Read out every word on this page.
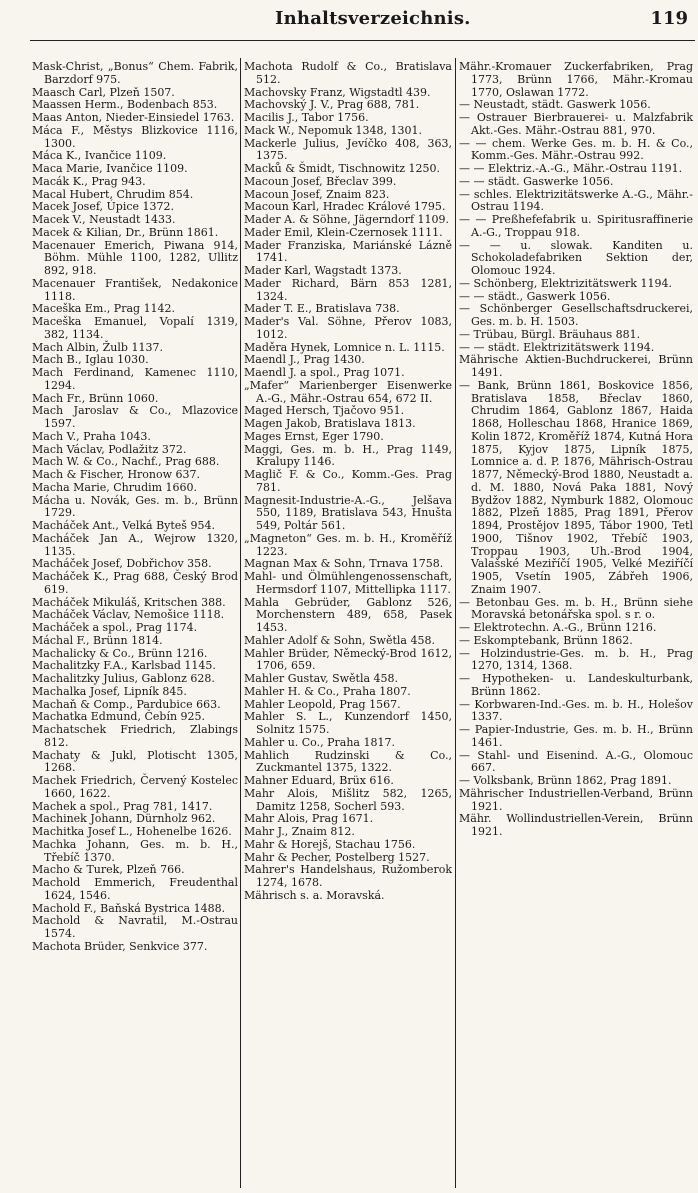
Inhaltsverzeichnis.	119
Mask-Christ, „Bonus“ Chem. Fabrik, Barzdorf 975.
Maasch Carl, Plzeň 1507.
Maassen Herm., Bodenbach 853.
Maas Anton, Nieder-Einsiedel 1763.
Máca F., Městys Blizkovice 1116, 1300.
Máca K., Ivančice 1109.
Maca Marie, Ivančice 1109.
Macák K., Prag 943.
Macal Hubert, Chrudim 854.
Macek Josef, Úpice 1372.
Macek V., Neustadt 1433.
Macek & Kilian, Dr., Brünn 1861.
Macenauer Emerich, Piwana 914, Böhm. Mühle 1100, 1282, Ullitz 892, 918.
Macenauer František, Nedakonice 1118.
Maceška Em., Prag 1142.
Maceška Emanuel, Vopalí 1319, 382, 1134.
Mach Albin, Žulb 1137.
Mach B., Iglau 1030.
Mach Ferdinand, Kamenec 1110, 1294.
Mach Fr., Brünn 1060.
Mach Jaroslav & Co., Mlazovice 1597.
Mach V., Praha 1043.
Mach Václav, Podlažitz 372.
Mach W. & Co., Nachf., Prag 688.
Mach & Fischer, Hronow 637.
Macha Marie, Chrudim 1660.
Mácha u. Novák, Ges. m. b., Brünn 1729.
Macháček Ant., Velká Byteš 954.
Macháček Jan A., Wejrow 1320, 1135.
Macháček Josef, Dobřichov 358.
Macháček K., Prag 688, Český Brod 619.
Macháček Mikuláš, Kritschen 388.
Macháček Václav, Nemošice 1118.
Macháček a spol., Prag 1174.
Máchal F., Brünn 1814.
Machalicky & Co., Brünn 1216.
Machalitzky F.A., Karlsbad 1145.
Machalitzky Julius, Gablonz 628.
Machalka Josef, Lipník 845.
Machaň & Comp., Pardubice 663.
Machatka Edmund, Čebín 925.
Machatschek Friedrich, Zlabings 812.
Machaty & Jukl, Plotischt 1305, 1268.
Machek Friedrich, Červený Kostelec 1660, 1622.
Machek a spol., Prag 781, 1417.
Machinek Johann, Dürnholz 962.
Machitka Josef L., Hohenelbe 1626.
Machka Johann, Ges. m. b. H., Třebíč 1370.
Macho & Turek, Plzeň 766.
Machold Emmerich, Freudenthal 1624, 1546.
Machold F., Baňská Bystrica 1488.
Machold & Navratil, M.-Ostrau 1574.
Machota Brüder, Senkvice 377.
Machota Rudolf & Co., Bratislava 512.
Machovsky Franz, Wigstadtl 439.
Machovský J. V., Prag 688, 781.
Macilis J., Tabor 1756.
Mack W., Nepomuk 1348, 1301.
Mackerle Julius, Jevíčko 408, 363, 1375.
Macků & Šmidt, Tischnowitz 1250.
Macoun Josef, Břeclav 399.
Macoun Josef, Znaim 823.
Macoun Karl, Hradec Králové 1795.
Mader A. & Söhne, Jägerndorf 1109.
Mader Emil, Klein-Czernosek 1111.
Mader Franziska, Mariánské Lázně 1741.
Mader Karl, Wagstadt 1373.
Mader Richard, Bärn 853 1281, 1324.
Mader T. E., Bratislava 738.
Mader's Val. Söhne, Přerov 1083, 1012.
Maděra Hynek, Lomnice n. L. 1115.
Maendl J., Prag 1430.
Maendl J. a spol., Prag 1071.
„Mafer“ Marienberger Eisenwerke A.-G., Mähr.-Ostrau 654, 672 II.
Maged Hersch, Tjačovo 951.
Magen Jakob, Bratislava 1813.
Mages Ernst, Eger 1790.
Maggi, Ges. m. b. H., Prag 1149, Kralupy 1146.
Maglič F. & Co., Komm.-Ges. Prag 781.
Magnesit-Industrie-A.-G., Jelšava 550, 1189, Bratislava 543, Hnušta 549, Poltár 561.
„Magneton“ Ges. m. b. H., Kroměříž 1223.
Magnan Max & Sohn, Trnava 1758.
Mahl- und Ölmühlengenossenschaft, Hermsdorf 1107, Mittellipka 1117.
Mahla Gebrüder, Gablonz 526, Morchenstern 489, 658, Pasek 1453.
Mahler Adolf & Sohn, Swětla 458.
Mahler Brüder, Německý-Brod 1612, 1706, 659.
Mahler Gustav, Swětla 458.
Mahler H. & Co., Praha 1807.
Mahler Leopold, Prag 1567.
Mahler S. L., Kunzendorf 1450, Solnitz 1575.
Mahler u. Co., Praha 1817.
Mahlich Rudzinski & Co., Zuckmantel 1375, 1322.
Mahner Eduard, Brüx 616.
Mahr Alois, Mišlitz 582, 1265, Damitz 1258, Socherl 593.
Mahr Alois, Prag 1671.
Mahr J., Znaim 812.
Mahr & Horejš, Stachau 1756.
Mahr & Pecher, Postelberg 1527.
Mahrer's Handelshaus, Ružomberok 1274, 1678.
Mährisch s. a. Moravská.
Mähr.-Kromauer Zuckerfabriken, Prag 1773, Brünn 1766, Mähr.-Kromau 1770, Oslawan 1772.
— Neustadt, städt. Gaswerk 1056.
— Ostrauer Bierbrauerei- u. Malzfabrik Akt.-Ges. Mähr.-Ostrau 881, 970.
— — chem. Werke Ges. m. b. H. & Co., Komm.-Ges. Mähr.-Ostrau 992.
— — Elektriz.-A.-G., Mähr.-Ostrau 1191.
— — städt. Gaswerke 1056.
— schles. Elektrizitätswerke A.-G., Mähr.-Ostrau 1194.
— — Preßhefefabrik u. Spiritusraffinerie A.-G., Troppau 918.
— — u. slowak. Kanditen u. Schokoladefabriken Sektion der, Olomouc 1924.
— Schönberg, Elektrizitätswerk 1194.
— — städt., Gaswerk 1056.
— Schönberger Gesellschaftsdruckerei, Ges. m. b. H. 1503.
— Trübau, Bürgl. Bräuhaus 881.
— — städt. Elektrizitätswerk 1194.
Mährische Aktien-Buchdruckerei, Brünn 1491.
— Bank, Brünn 1861, Boskovice 1856, Bratislava 1858, Břeclav 1860, Chrudim 1864, Gablonz 1867, Haida 1868, Holleschau 1868, Hranice 1869, Kolin 1872, Kroměříž 1874, Kutná Hora 1875, Kyjov 1875, Lipník 1875, Lomnice a. d. P. 1876, Mährisch-Ostrau 1877, Německý-Brod 1880, Neustadt a. d. M. 1880, Nová Paka 1881, Nový Bydžov 1882, Nymburk 1882, Olomouc 1882, Plzeň 1885, Prag 1891, Přerov 1894, Prostějov 1895, Tábor 1900, Tetl 1900, Tišnov 1902, Třebíč 1903, Troppau 1903, Uh.-Brod 1904, Valašské Meziříčí 1905, Velké Meziříčí 1905, Vsetín 1905, Zábřeh 1906, Znaim 1907.
— Betonbau Ges. m. b. H., Brünn siehe Moravská betonářska spol. s r. o.
— Elektrotechn. A.-G., Brünn 1216.
— Eskomptebank, Brünn 1862.
— Holzindustrie-Ges. m. b. H., Prag 1270, 1314, 1368.
— Hypotheken- u. Landeskulturbank, Brünn 1862.
— Korbwaren-Ind.-Ges. m. b. H., Holešov 1337.
— Papier-Industrie, Ges. m. b. H., Brünn 1461.
— Stahl- und Eisenind. A.-G., Olomouc 667.
— Volksbank, Brünn 1862, Prag 1891.
Mährischer Industriellen-Verband, Brünn 1921.
Mähr. Wollindustriellen-Verein, Brünn 1921.
